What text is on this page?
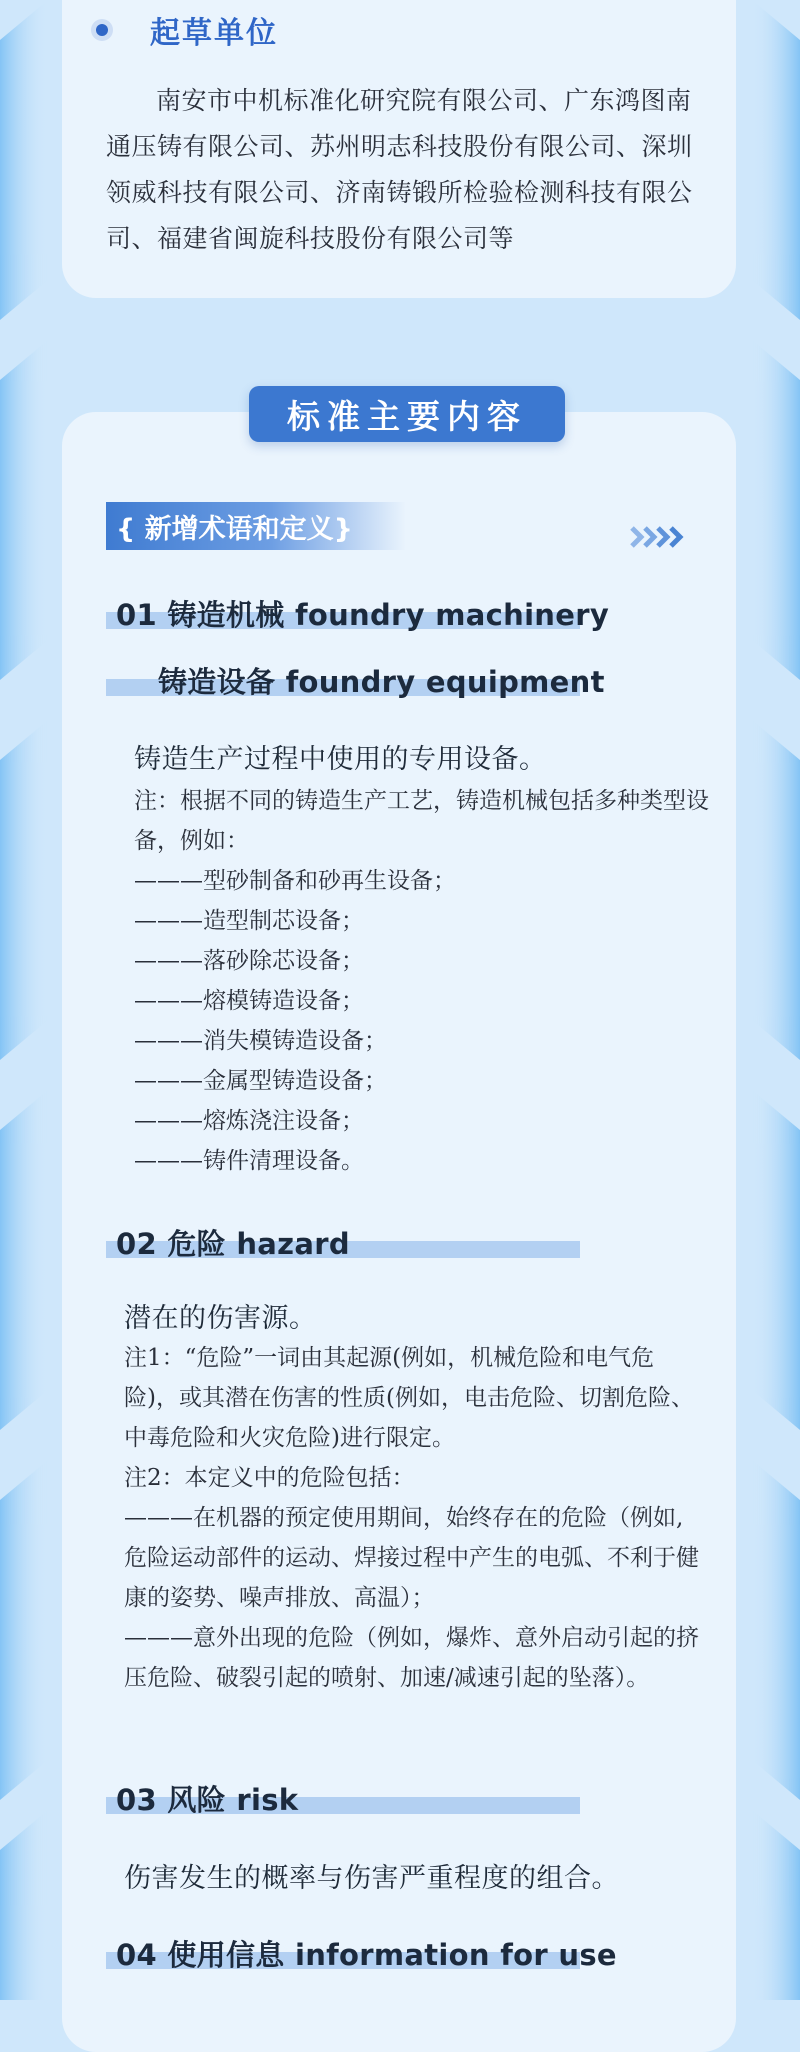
起草单位

南安市中机标准化研究院有限公司、广东鸿图南通压铸有限公司、苏州明志科技股份有限公司、深圳领威科技有限公司、济南铸锻所检验检测科技有限公司、福建省闽旋科技股份有限公司等

标准主要内容
{ 新增术语和定义}
01 铸造机械 foundry machinery
铸造设备 foundry equipment
铸造生产过程中使用的专用设备。
注：根据不同的铸造生产工艺，铸造机械包括多种类型设备，例如：
———型砂制备和砂再生设备；
———造型制芯设备；
———落砂除芯设备；
———熔模铸造设备；
———消失模铸造设备；
———金属型铸造设备；
———熔炼浇注设备；
———铸件清理设备。
02 危险 hazard
潜在的伤害源。
注1：“危险”一词由其起源(例如，机械危险和电气危险)，或其潜在伤害的性质(例如，电击危险、切割危险、中毒危险和火灾危险)进行限定。
注2：本定义中的危险包括：
———在机器的预定使用期间，始终存在的危险（例如,危险运动部件的运动、焊接过程中产生的电弧、不利于健康的姿势、噪声排放、高温）；
———意外出现的危险（例如，爆炸、意外启动引起的挤压危险、破裂引起的喷射、加速/减速引起的坠落）。
03 风险 risk
伤害发生的概率与伤害严重程度的组合。
04 使用信息 information for use
